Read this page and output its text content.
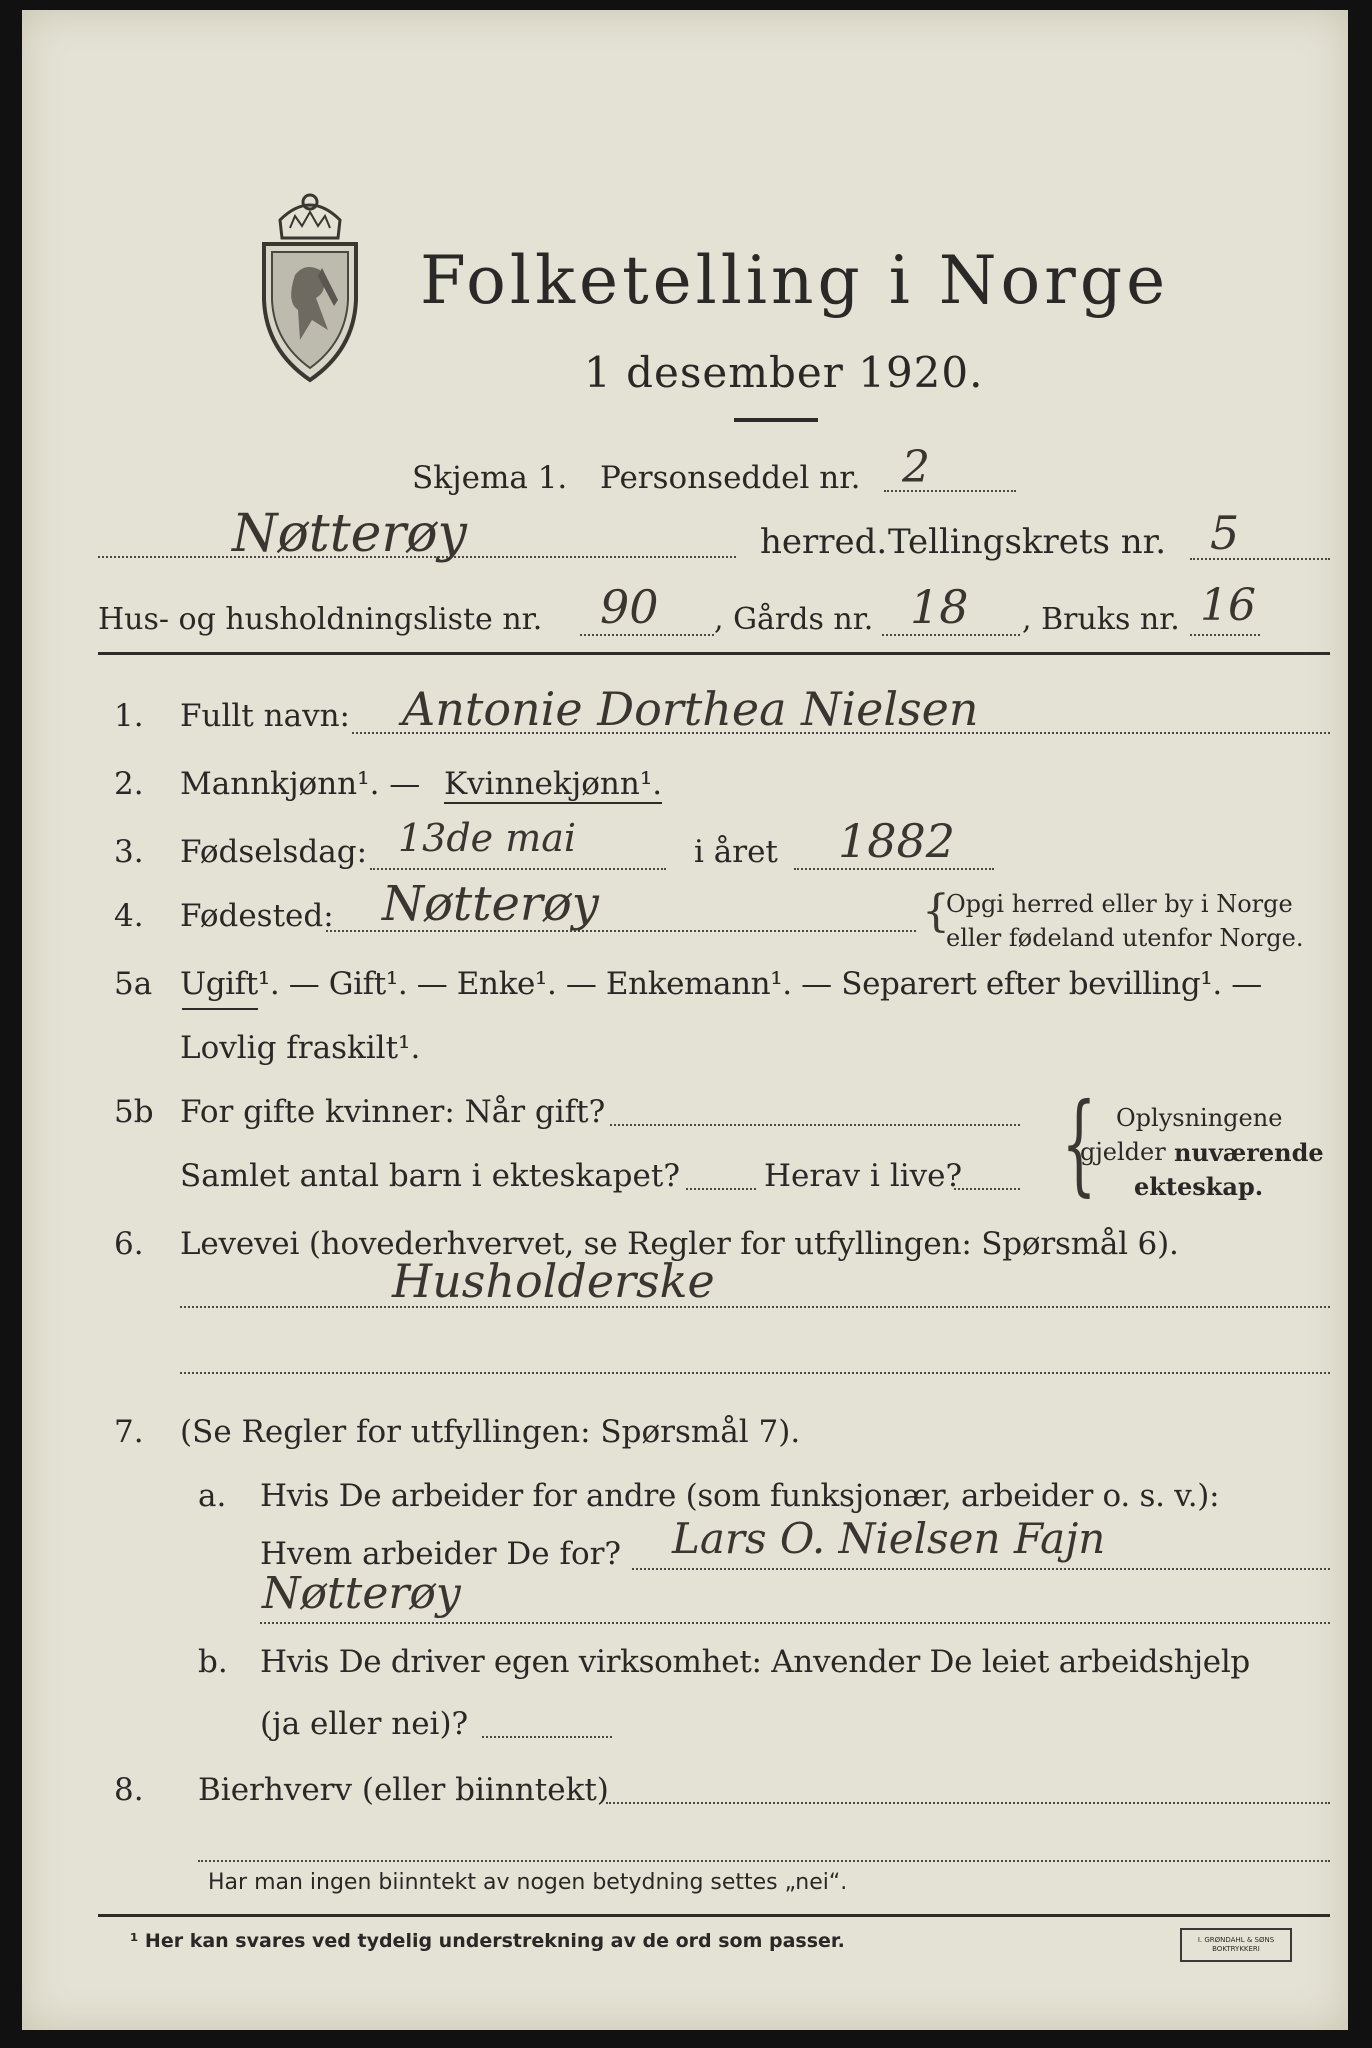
Folketelling i Norge
1 desember 1920.
Skjema 1. Personseddel nr. 2
Nøtterøy	herred. Tellingskrets nr. 5
Hus- og husholdningsliste nr. 90 , Gårds nr. 18 , Bruks nr. 16
1. Fullt navn: Antonie Dorthea Nielsen
2. Mannkjønn¹. — Kvinnekjønn¹.
3. Fødselsdag: 13de mai	i året 1882
4. Fødested: Nøtterøy	{
Opgi herred eller by i Norge
eller fødeland utenfor Norge.
5a Ugift¹. — Gift¹. — Enke¹. — Enkemann¹. — Separert efter bevilling¹. —
Lovlig fraskilt¹.
5b For gifte kvinner: Når gift?
Samlet antal barn i ekteskapet?	Herav i live? { Oplysningene
gjelder nuværende
ekteskap.
6. Levevei (hovederhvervet, se Regler for utfyllingen: Spørsmål 6).
Husholderske
7. (Se Regler for utfyllingen: Spørsmål 7).
a. Hvis De arbeider for andre (som funksjonær, arbeider o. s. v.):
Hvem arbeider De for? Lars O. Nielsen Fajn
Nøtterøy
b. Hvis De driver egen virksomhet: Anvender De leiet arbeidshjelp
(ja eller nei)?
8. Bierhverv (eller biinntekt)
Har man ingen biinntekt av nogen betydning settes „nei“.
¹ Her kan svares ved tydelig understrekning av de ord som passer.	I. GRØNDAHL & SØNS BOKTRYKKERI
